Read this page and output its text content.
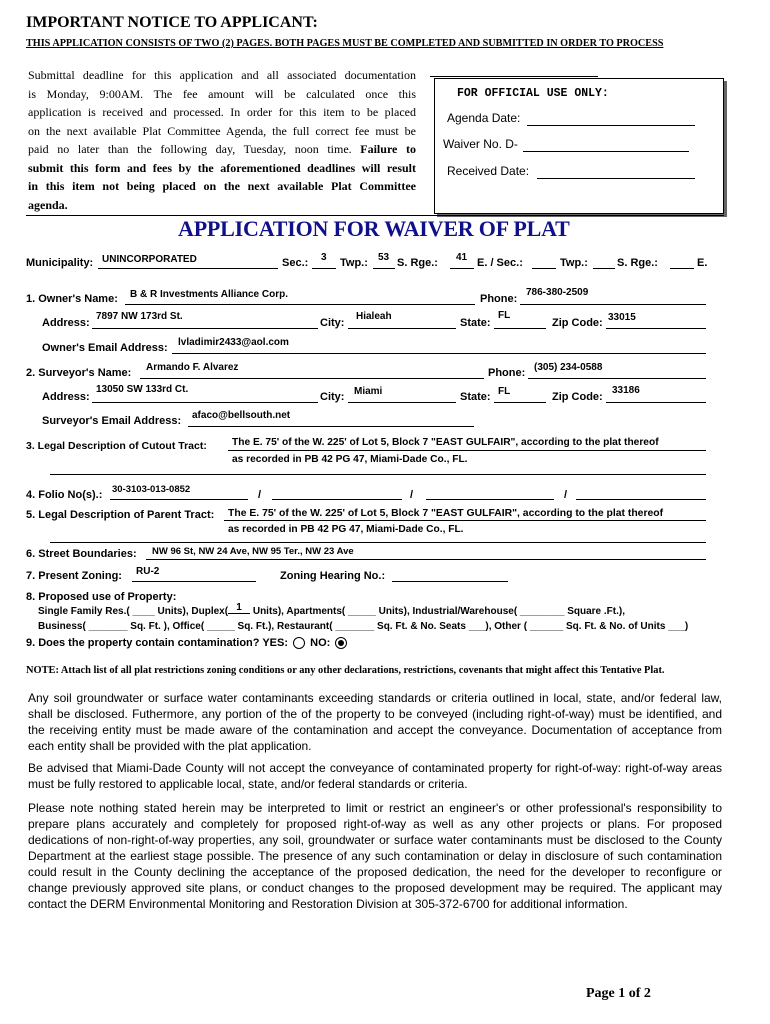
IMPORTANT NOTICE TO APPLICANT:
THIS APPLICATION CONSISTS OF TWO (2) PAGES. BOTH PAGES MUST BE COMPLETED AND SUBMITTED IN ORDER TO PROCESS
Submittal deadline for this application and all associated documentation
is Monday, 9:00AM. The fee amount will be calculated once this
application is received and processed. In order for this item to be placed
on the next available Plat Committee Agenda, the full correct fee must be
paid no later than the following day, Tuesday, noon time. Failure to
submit this form and fees by the aforementioned deadlines will result
in this item not being placed on the next available Plat Committee
agenda.
FOR OFFICIAL USE ONLY:
Agenda Date:
Waiver No. D-
Received Date:
APPLICATION FOR WAIVER OF PLAT
Municipality: UNINCORPORATED	Sec.: 3 Twp.: 53 S. Rge.: 41 E. / Sec.:	Twp.:	S. Rge.:	E.
1. Owner's Name: B & R Investments Alliance Corp.	Phone:
786-380-2509
Address:
7897 NW 173rd St.
City:
Hialeah
State:
FL
Zip Code: 33015
Owner's Email Address: lvladimir2433@aol.com
2. Surveyor's Name: Armando F. Alvarez	Phone: (305) 234-0588
Address:
13050 SW 133rd Ct.
City: Miami	State: FL	Zip Code:
33186
Surveyor's Email Address: afaco@bellsouth.net
3. Legal Description of Cutout Tract: The E. 75' of the W. 225' of Lot 5, Block 7 "EAST GULFAIR", according to the plat thereof
as recorded in PB 42 PG 47, Miami-Dade Co., FL.
4. Folio No(s).: 30-3103-013-0852	/	/	/
5. Legal Description of Parent Tract: The E. 75' of the W. 225' of Lot 5, Block 7 "EAST GULFAIR", according to the plat thereof
as recorded in PB 42 PG 47, Miami-Dade Co., FL.
6. Street Boundaries: NW 96 St, NW 24 Ave, NW 95 Ter., NW 23 Ave
7. Present Zoning: RU-2	Zoning Hearing No.:
8. Proposed use of Property:
Single Family Res.( ____ Units), Duplex( 1 Units), Apartments( _____ Units), Industrial/Warehouse( ________ Square .Ft.),
Business( _______ Sq. Ft. ), Office( _____ Sq. Ft.), Restaurant( _______ Sq. Ft. & No. Seats ___), Other ( ______ Sq. Ft. & No. of Units ___)
9. Does the property contain contamination? YES: NO:
NOTE: Attach list of all plat restrictions zoning conditions or any other declarations, restrictions, covenants that might affect this Tentative Plat.
Any soil groundwater or surface water contaminants exceeding standards or criteria outlined in local, state, and/or federal law, shall be disclosed. Futhermore, any portion of the of the property to be conveyed (including right-of-way) must be identified, and the receiving entity must be made aware of the contamination and accept the conveyance. Documentation of acceptance from each entity shall be provided with the plat application.
Be advised that Miami-Dade County will not accept the conveyance of contaminated property for right-of-way: right-of-way areas must be fully restored to applicable local, state, and/or federal standards or criteria.
Please note nothing stated herein may be interpreted to limit or restrict an engineer's or other professional's responsibility to prepare plans accurately and completely for proposed right-of-way as well as any other projects or plans. For proposed dedications of non-right-of-way properties, any soil, groundwater or surface water contaminants must be disclosed to the County Department at the earliest stage possible. The presence of any such contamination or delay in disclosure of such contamination could result in the County declining the acceptance of the proposed dedication, the need for the developer to reconfigure or change previously approved site plans, or conduct changes to the proposed development may be required. The applicant may contact the DERM Environmental Monitoring and Restoration Division at 305-372-6700 for additional information.
Page 1 of 2
